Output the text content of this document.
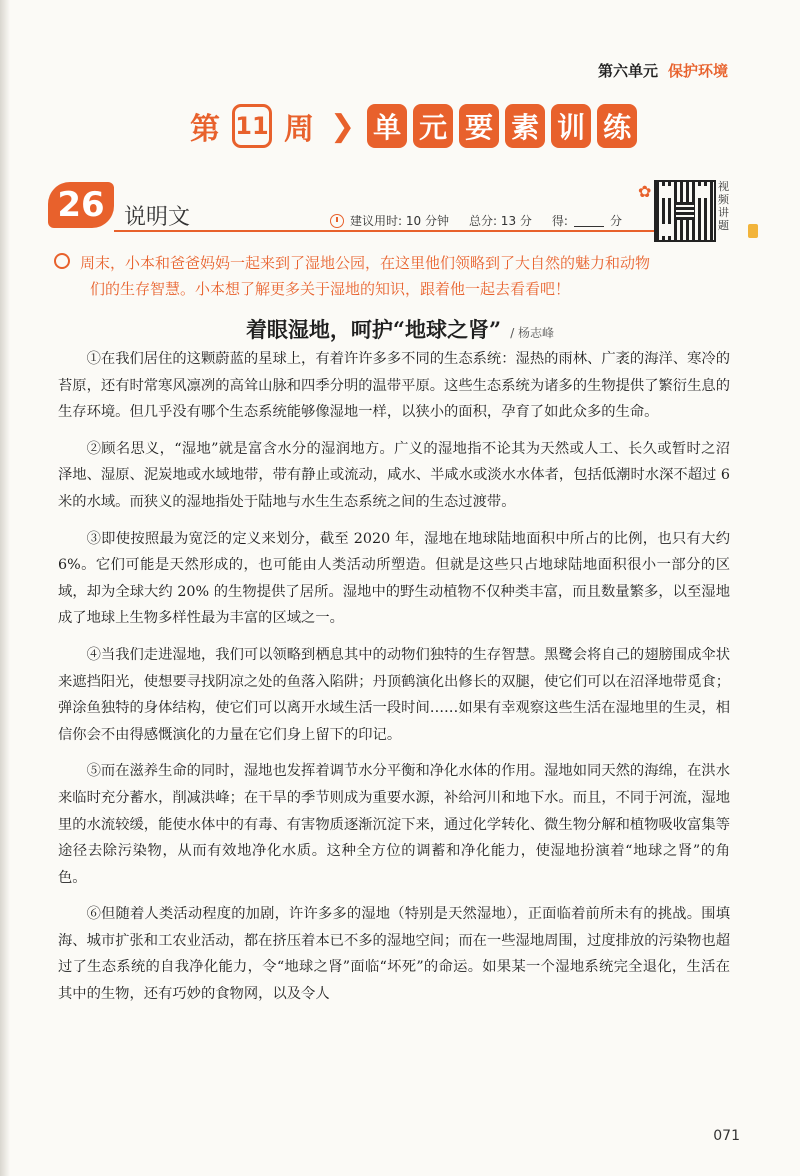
第六单元 保护环境
第 11 周 ❯ 单 元 要 素 训 练
26 说明文	建议用时: 10 分钟 总分: 13 分 得:	分
✿	视频讲题
周末，小本和爸爸妈妈一起来到了湿地公园，在这里他们领略到了大自然的魅力和动物
们的生存智慧。小本想了解更多关于湿地的知识，跟着他一起去看看吧！
着眼湿地，呵护“地球之肾” / 杨志峰

①在我们居住的这颗蔚蓝的星球上，有着许许多多不同的生态系统：湿热的雨林、广袤的海洋、寒冷的苔原，还有时常寒风凛冽的高耸山脉和四季分明的温带平原。这些生态系统为诸多的生物提供了繁衍生息的生存环境。但几乎没有哪个生态系统能够像湿地一样，以狭小的面积，孕育了如此众多的生命。

②顾名思义，“湿地”就是富含水分的湿润地方。广义的湿地指不论其为天然或人工、长久或暂时之沼泽地、湿原、泥炭地或水域地带，带有静止或流动，咸水、半咸水或淡水水体者，包括低潮时水深不超过 6 米的水域。而狭义的湿地指处于陆地与水生生态系统之间的生态过渡带。

③即使按照最为宽泛的定义来划分，截至 2020 年，湿地在地球陆地面积中所占的比例，也只有大约 6%。它们可能是天然形成的，也可能由人类活动所塑造。但就是这些只占地球陆地面积很小一部分的区域，却为全球大约 20% 的生物提供了居所。湿地中的野生动植物不仅种类丰富，而且数量繁多，以至湿地成了地球上生物多样性最为丰富的区域之一。

④当我们走进湿地，我们可以领略到栖息其中的动物们独特的生存智慧。黑鹭会将自己的翅膀围成伞状来遮挡阳光，使想要寻找阴凉之处的鱼落入陷阱；丹顶鹤演化出修长的双腿，使它们可以在沼泽地带觅食；弹涂鱼独特的身体结构，使它们可以离开水域生活一段时间……如果有幸观察这些生活在湿地里的生灵，相信你会不由得感慨演化的力量在它们身上留下的印记。

⑤而在滋养生命的同时，湿地也发挥着调节水分平衡和净化水体的作用。湿地如同天然的海绵，在洪水来临时充分蓄水，削减洪峰；在干旱的季节则成为重要水源，补给河川和地下水。而且，不同于河流，湿地里的水流较缓，能使水体中的有毒、有害物质逐渐沉淀下来，通过化学转化、微生物分解和植物吸收富集等途径去除污染物，从而有效地净化水质。这种全方位的调蓄和净化能力，使湿地扮演着“地球之肾”的角色。

⑥但随着人类活动程度的加剧，许许多多的湿地（特别是天然湿地），正面临着前所未有的挑战。围填海、城市扩张和工农业活动，都在挤压着本已不多的湿地空间；而在一些湿地周围，过度排放的污染物也超过了生态系统的自我净化能力，令“地球之肾”面临“坏死”的命运。如果某一个湿地系统完全退化，生活在其中的生物，还有巧妙的食物网，以及令人

071
